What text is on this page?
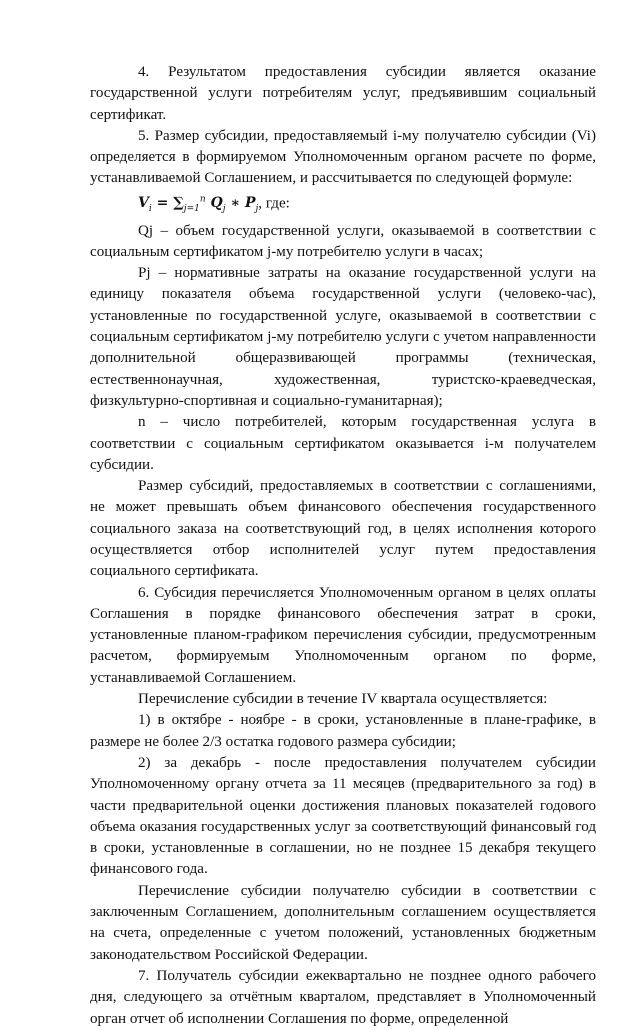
4. Результатом предоставления субсидии является оказание государственной услуги потребителям услуг, предъявившим социальный сертификат.

5. Размер субсидии, предоставляемый i-му получателю субсидии (Vi) определяется в формируемом Уполномоченным органом расчете по форме, устанавливаемой Соглашением, и рассчитывается по следующей формуле:

$V_i = \sum_{j=1}^n$ $Q_j$ ∗ $P_j$, где:

Qj – объем государственной услуги, оказываемой в соответствии с социальным сертификатом j-му потребителю услуги в часах;

Pj – нормативные затраты на оказание государственной услуги на единицу показателя объема государственной услуги (человеко-час), установленные по государственной услуге, оказываемой в соответствии с социальным сертификатом j-му потребителю услуги с учетом направленности дополнительной общеразвивающей программы (техническая, естественнонаучная, художественная, туристско-краеведческая, физкультурно-спортивная и социально-гуманитарная);

n – число потребителей, которым государственная услуга в соответствии с социальным сертификатом оказывается i-м получателем субсидии.

Размер субсидий, предоставляемых в соответствии с соглашениями, не может превышать объем финансового обеспечения государственного социального заказа на соответствующий год, в целях исполнения которого осуществляется отбор исполнителей услуг путем предоставления социального сертификата.

6. Субсидия перечисляется Уполномоченным органом в целях оплаты Соглашения в порядке финансового обеспечения затрат в сроки, установленные планом-графиком перечисления субсидии, предусмотренным расчетом, формируемым Уполномоченным органом по форме, устанавливаемой Соглашением.

Перечисление субсидии в течение IV квартала осуществляется:

1) в октябре - ноябре - в сроки, установленные в плане-графике, в размере не более 2/3 остатка годового размера субсидии;

2) за декабрь - после предоставления получателем субсидии Уполномоченному органу отчета за 11 месяцев (предварительного за год) в части предварительной оценки достижения плановых показателей годового объема оказания государственных услуг за соответствующий финансовый год в сроки, установленные в соглашении, но не позднее 15 декабря текущего финансового года.

Перечисление субсидии получателю субсидии в соответствии с заключенным Соглашением, дополнительным соглашением осуществляется на счета, определенные с учетом положений, установленных бюджетным законодательством Российской Федерации.

7. Получатель субсидии ежеквартально не позднее одного рабочего дня, следующего за отчётным кварталом, представляет в Уполномоченный орган отчет об исполнении Соглашения по форме, определенной
